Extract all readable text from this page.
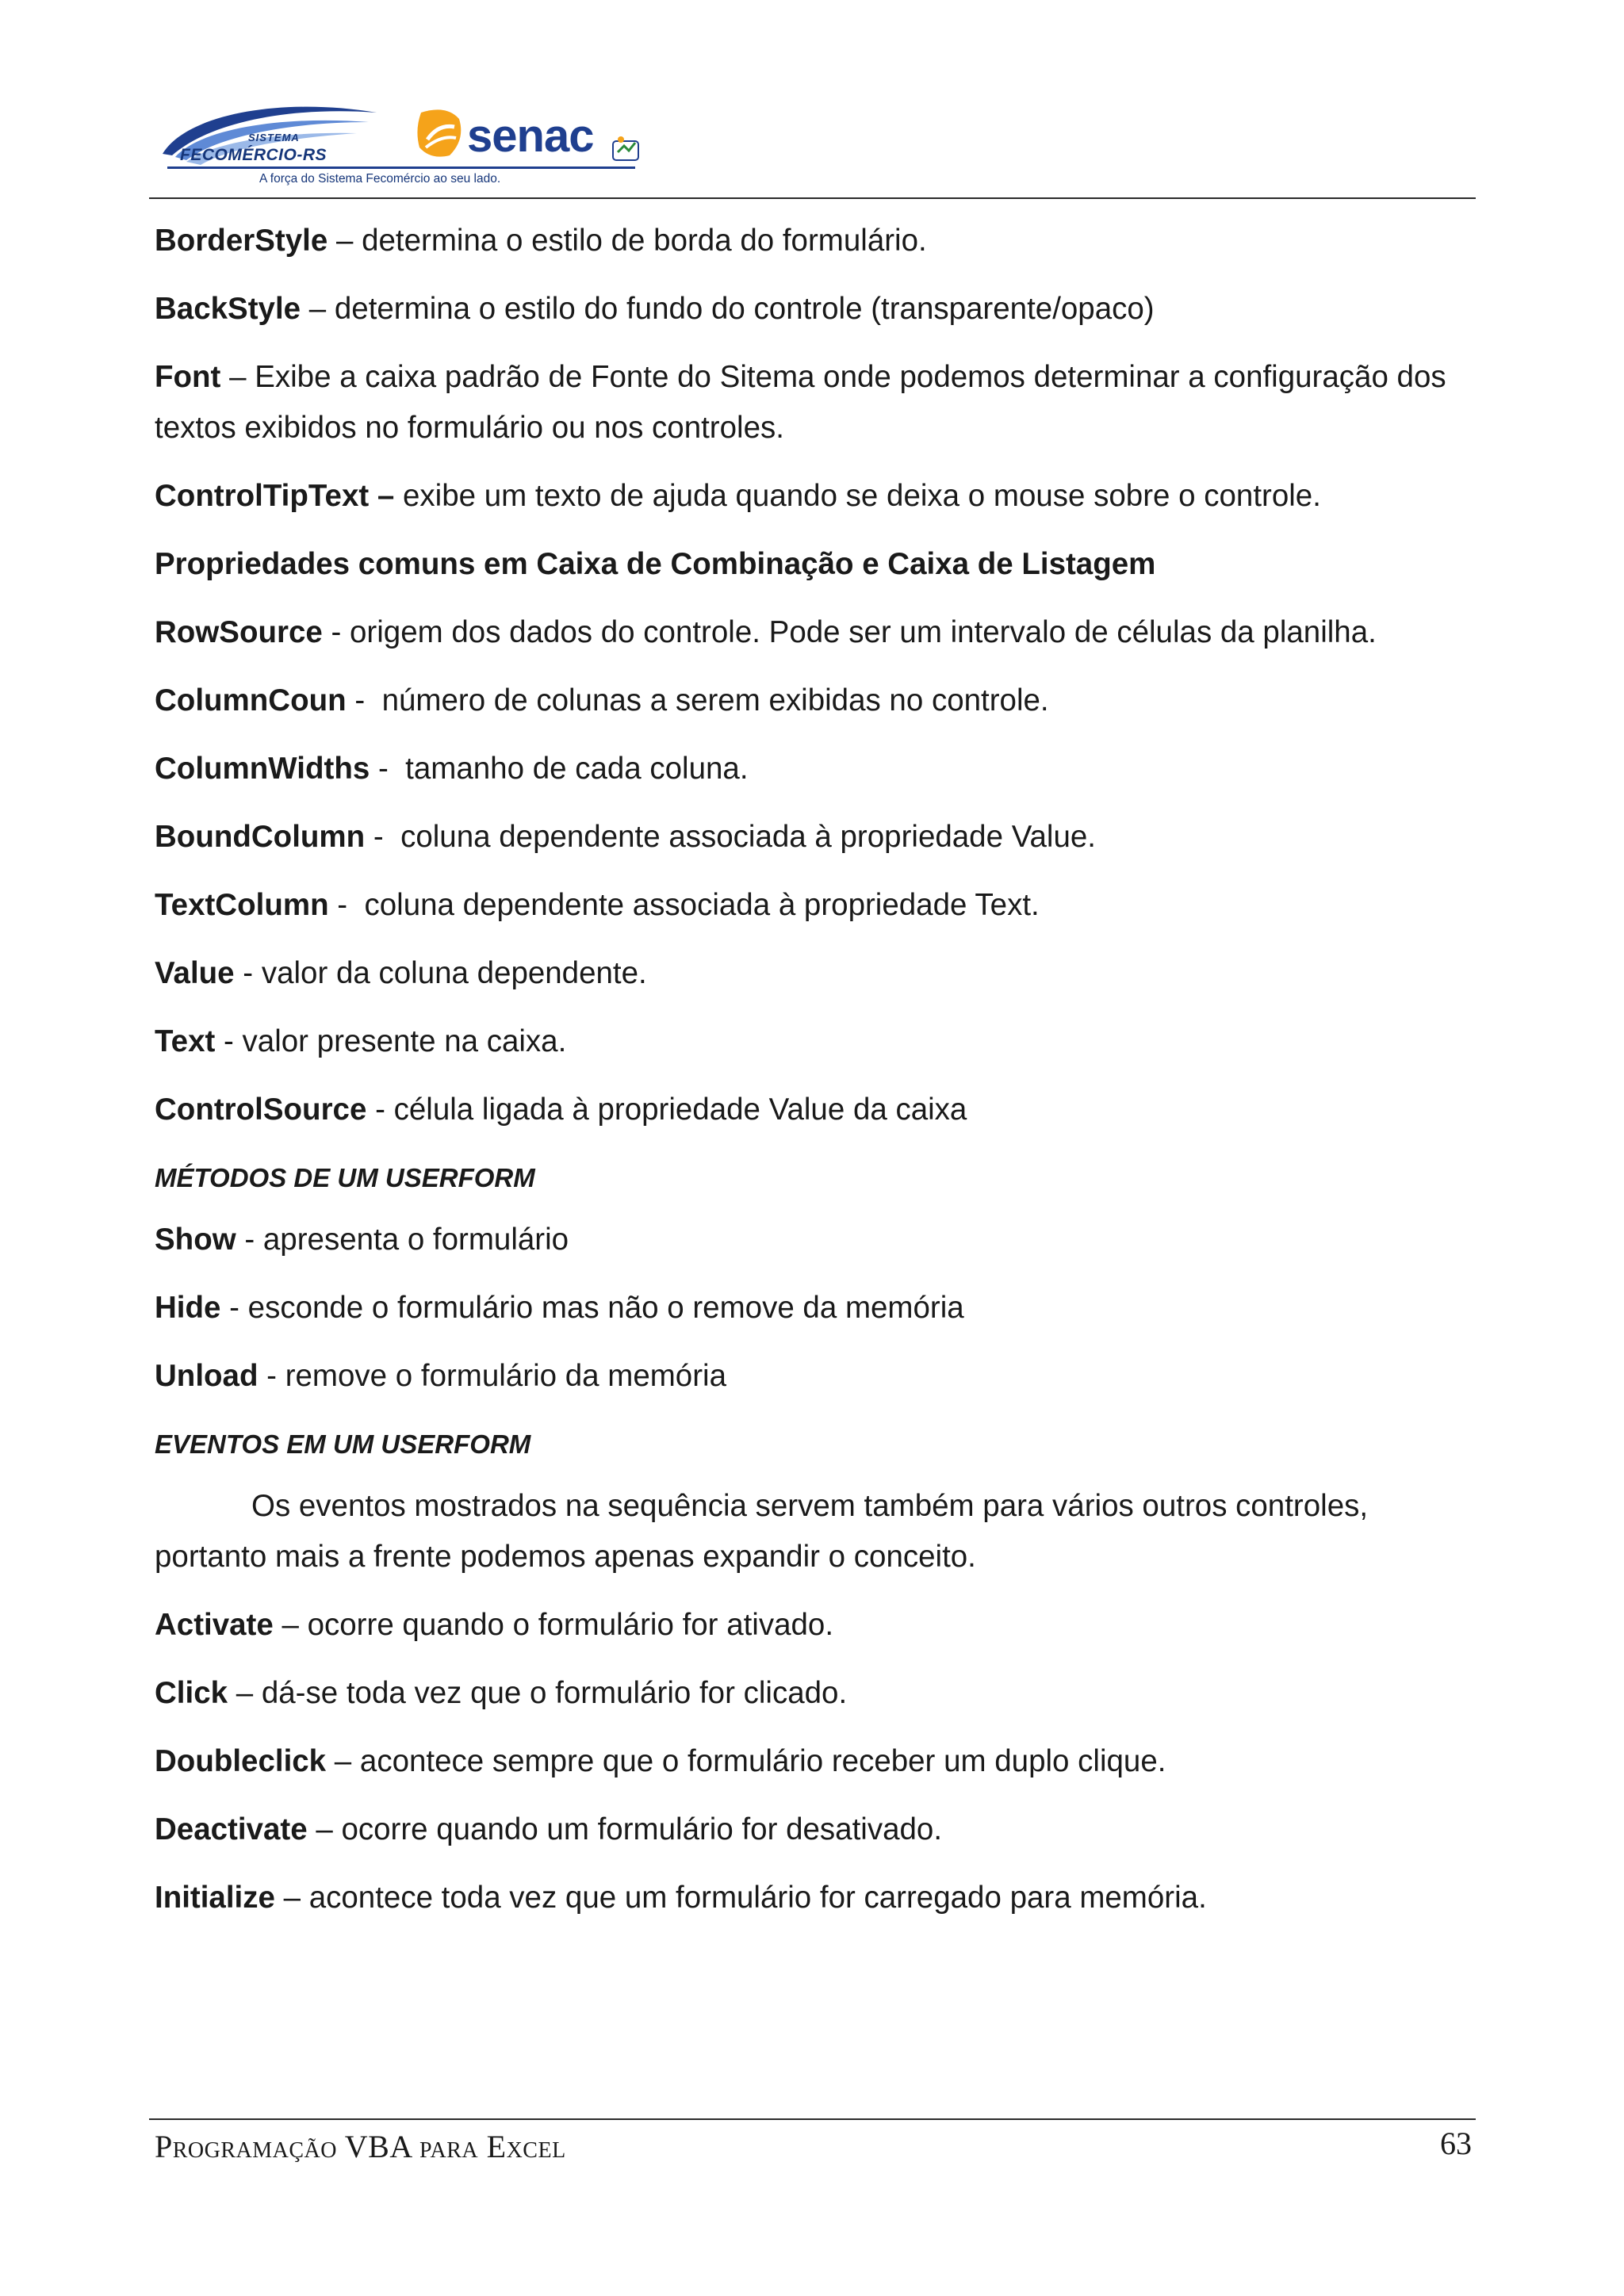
SISTEMA
FECOMÉRCIO-RS	senac
A força do Sistema Fecomércio ao seu lado.

BorderStyle – determina o estilo de borda do formulário.

BackStyle – determina o estilo do fundo do controle (transparente/opaco)

Font – Exibe a caixa padrão de Fonte do Sitema onde podemos determinar a configuração dos textos exibidos no formulário ou nos controles.

ControlTipText – exibe um texto de ajuda quando se deixa o mouse sobre o controle.

Propriedades comuns em Caixa de Combinação e Caixa de Listagem

RowSource - origem dos dados do controle. Pode ser um intervalo de células da planilha.

ColumnCoun -  número de colunas a serem exibidas no controle.

ColumnWidths -  tamanho de cada coluna.

BoundColumn -  coluna dependente associada à propriedade Value.

TextColumn -  coluna dependente associada à propriedade Text.

Value - valor da coluna dependente.

Text - valor presente na caixa.

ControlSource - célula ligada à propriedade Value da caixa

MÉTODOS DE UM USERFORM

Show - apresenta o formulário

Hide - esconde o formulário mas não o remove da memória

Unload - remove o formulário da memória

EVENTOS EM UM USERFORM

Os eventos mostrados na sequência servem também para vários outros controles, portanto mais a frente podemos apenas expandir o conceito.

Activate – ocorre quando o formulário for ativado.

Click – dá-se toda vez que o formulário for clicado.

Doubleclick – acontece sempre que o formulário receber um duplo clique.

Deactivate – ocorre quando um formulário for desativado.

Initialize – acontece toda vez que um formulário for carregado para memória.

Programação VBA para Excel	63
